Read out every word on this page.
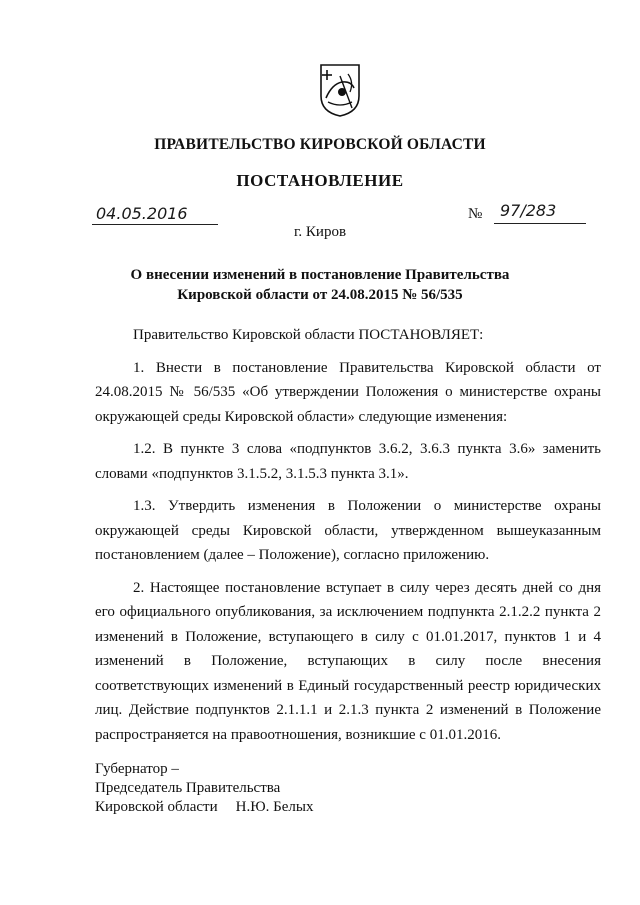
ПРАВИТЕЛЬСТВО КИРОВСКОЙ ОБЛАСТИ
ПОСТАНОВЛЕНИЕ
04.05.2016	№ 97/283
г. Киров
О внесении изменений в постановление Правительства
Кировской области от 24.08.2015 № 56/535

Правительство Кировской области ПОСТАНОВЛЯЕТ:

1. Внести в постановление Правительства Кировской области от 24.08.2015 № 56/535 «Об утверждении Положения о министерстве охраны окружающей среды Кировской области» следующие изменения:

1.2. В пункте 3 слова «подпунктов 3.6.2, 3.6.3 пункта 3.6» заменить словами «подпунктов 3.1.5.2, 3.1.5.3 пункта 3.1».

1.3. Утвердить изменения в Положении о министерстве охраны окружающей среды Кировской области, утвержденном вышеуказанным постановлением (далее – Положение), согласно приложению.

2. Настоящее постановление вступает в силу через десять дней со дня его официального опубликования, за исключением подпункта 2.1.2.2 пункта 2 изменений в Положение, вступающего в силу с 01.01.2017, пунктов 1 и 4 изменений в Положение, вступающих в силу после внесения соответствующих изменений в Единый государственный реестр юридических лиц. Действие подпунктов 2.1.1.1 и 2.1.3 пункта 2 изменений в Положение распространяется на правоотношения, возникшие с 01.01.2016.

Губернатор –
Председатель Правительства
Кировской области Н.Ю. Белых
